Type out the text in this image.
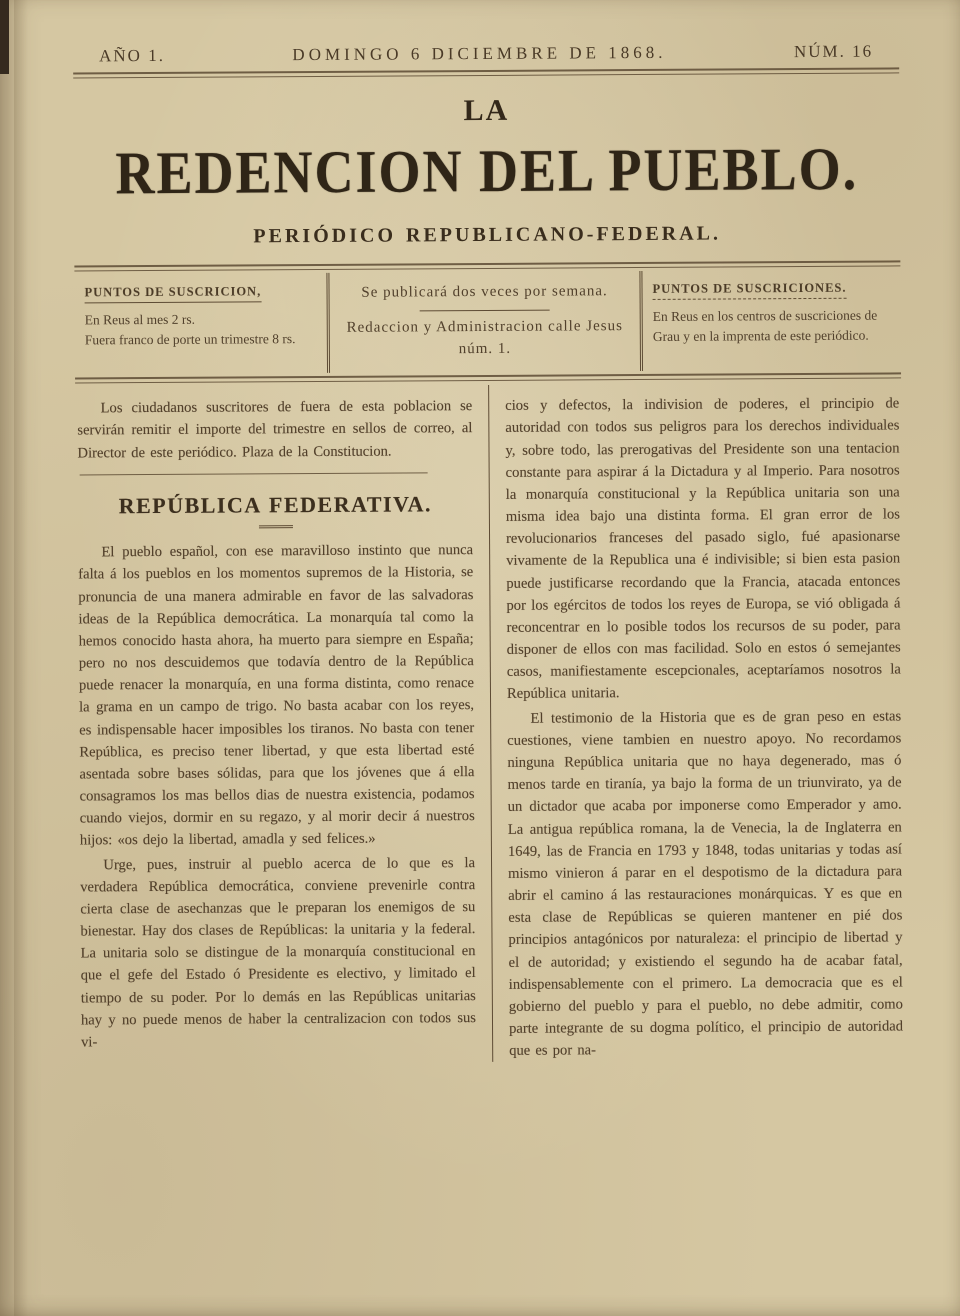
AÑO 1.	DOMINGO 6 DICIEMBRE DE 1868.	NÚM. 16
LA
REDENCION DEL PUEBLO.
PERIÓDICO REPUBLICANO-FEDERAL.
PUNTOS DE SUSCRICION,
En Reus al mes 2 rs.
Fuera franco de porte un trimestre 8 rs.
Se publicará dos veces por semana.
Redaccion y Administracion calle Jesus núm. 1.
PUNTOS DE SUSCRICIONES.
En Reus en los centros de suscriciones de Grau y en la imprenta de este periódico.

Los ciudadanos suscritores de fuera de esta poblacion se servirán remitir el importe del trimestre en sellos de correo, al Director de este periódico. Plaza de la Constitucion.

REPÚBLICA FEDERATIVA.

El pueblo español, con ese maravilloso instinto que nunca falta á los pueblos en los momentos supremos de la Historia, se pronuncia de una manera admirable en favor de las salvadoras ideas de la República democrática. La monarquía tal como la hemos conocido hasta ahora, ha muerto para siempre en España; pero no nos descuidemos que todavía dentro de la República puede renacer la monarquía, en una forma distinta, como renace la grama en un campo de trigo. No basta acabar con los reyes, es indispensable hacer imposibles los tiranos. No basta con tener República, es preciso tener libertad, y que esta libertad esté asentada sobre bases sólidas, para que los jóvenes que á ella consagramos los mas bellos dias de nuestra existencia, podamos cuando viejos, dormir en su regazo, y al morir decir á nuestros hijos: «os dejo la libertad, amadla y sed felices.»

Urge, pues, instruir al pueblo acerca de lo que es la verdadera República democrática, conviene prevenirle contra cierta clase de asechanzas que le preparan los enemigos de su bienestar. Hay dos clases de Repúblicas: la unitaria y la federal. La unitaria solo se distingue de la monarquía constitucional en que el gefe del Estado ó Presidente es electivo, y limitado el tiempo de su poder. Por lo demás en las Repúblicas unitarias hay y no puede menos de haber la centralizacion con todos sus vi-

cios y defectos, la indivision de poderes, el principio de autoridad con todos sus peligros para los derechos individuales y, sobre todo, las prerogativas del Presidente son una tentacion constante para aspirar á la Dictadura y al Imperio. Para nosotros la monarquía constitucional y la República unitaria son una misma idea bajo una distinta forma. El gran error de los revolucionarios franceses del pasado siglo, fué apasionarse vivamente de la Republica una é indivisible; si bien esta pasion puede justificarse recordando que la Francia, atacada entonces por los egércitos de todos los reyes de Europa, se vió obligada á reconcentrar en lo posible todos los recursos de su poder, para disponer de ellos con mas facilidad. Solo en estos ó semejantes casos, manifiestamente escepcionales, aceptaríamos nosotros la República unitaria.

El testimonio de la Historia que es de gran peso en estas cuestiones, viene tambien en nuestro apoyo. No recordamos ninguna República unitaria que no haya degenerado, mas ó menos tarde en tiranía, ya bajo la forma de un triunvirato, ya de un dictador que acaba por imponerse como Emperador y amo. La antigua república romana, la de Venecia, la de Inglaterra en 1649, las de Francia en 1793 y 1848, todas unitarias y todas así mismo vinieron á parar en el despotismo de la dictadura para abrir el camino á las restauraciones monárquicas. Y es que en esta clase de Repúblicas se quieren mantener en pié dos principios antagónicos por naturaleza: el principio de libertad y el de autoridad; y existiendo el segundo ha de acabar fatal, indispensablemente con el primero. La democracia que es el gobierno del pueblo y para el pueblo, no debe admitir, como parte integrante de su dogma político, el principio de autoridad que es por na-
